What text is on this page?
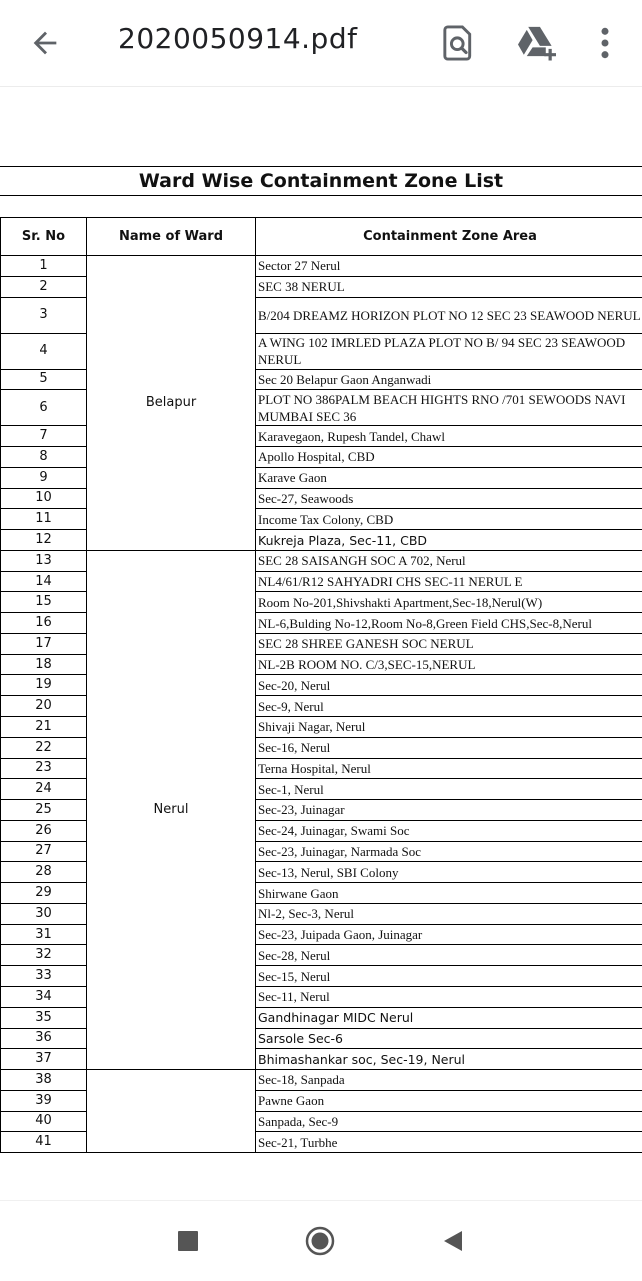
2020050914.pdf
Ward Wise Containment Zone List
Sr. No	Name of Ward	Containment Zone Area
1	Belapur	Sector 27 Nerul
2		SEC 38 NERUL
3		B/204 DREAMZ HORIZON PLOT NO 12 SEC 23 SEAWOOD NERUL
4		A WING 102 IMRLED PLAZA PLOT NO B/ 94 SEC 23 SEAWOOD NERUL
5		Sec 20 Belapur Gaon Anganwadi
6		PLOT NO 386PALM BEACH HIGHTS RNO /701 SEWOODS NAVI MUMBAI SEC 36
7		Karavegaon, Rupesh Tandel, Chawl
8		Apollo Hospital, CBD
9		Karave Gaon
10		Sec-27, Seawoods
11		Income Tax Colony, CBD
12		Kukreja Plaza, Sec-11, CBD
13	Nerul	SEC 28 SAISANGH SOC A 702, Nerul
14		NL4/61/R12 SAHYADRI CHS SEC-11 NERUL E
15		Room No-201,Shivshakti Apartment,Sec-18,Nerul(W)
16		NL-6,Bulding No-12,Room No-8,Green Field CHS,Sec-8,Nerul
17		SEC 28 SHREE GANESH SOC NERUL
18		NL-2B ROOM NO. C/3,SEC-15,NERUL
19		Sec-20, Nerul
20		Sec-9, Nerul
21		Shivaji Nagar, Nerul
22		Sec-16, Nerul
23		Terna Hospital, Nerul
24		Sec-1, Nerul
25		Sec-23, Juinagar
26		Sec-24, Juinagar, Swami Soc
27		Sec-23, Juinagar, Narmada Soc
28		Sec-13, Nerul, SBI Colony
29		Shirwane Gaon
30		Nl-2, Sec-3, Nerul
31		Sec-23, Juipada Gaon, Juinagar
32		Sec-28, Nerul
33		Sec-15, Nerul
34		Sec-11, Nerul
35		Gandhinagar MIDC Nerul
36		Sarsole Sec-6
37		Bhimashankar soc, Sec-19, Nerul
38		Sec-18, Sanpada
39		Pawne Gaon
40		Sanpada, Sec-9
41		Sec-21, Turbhe
